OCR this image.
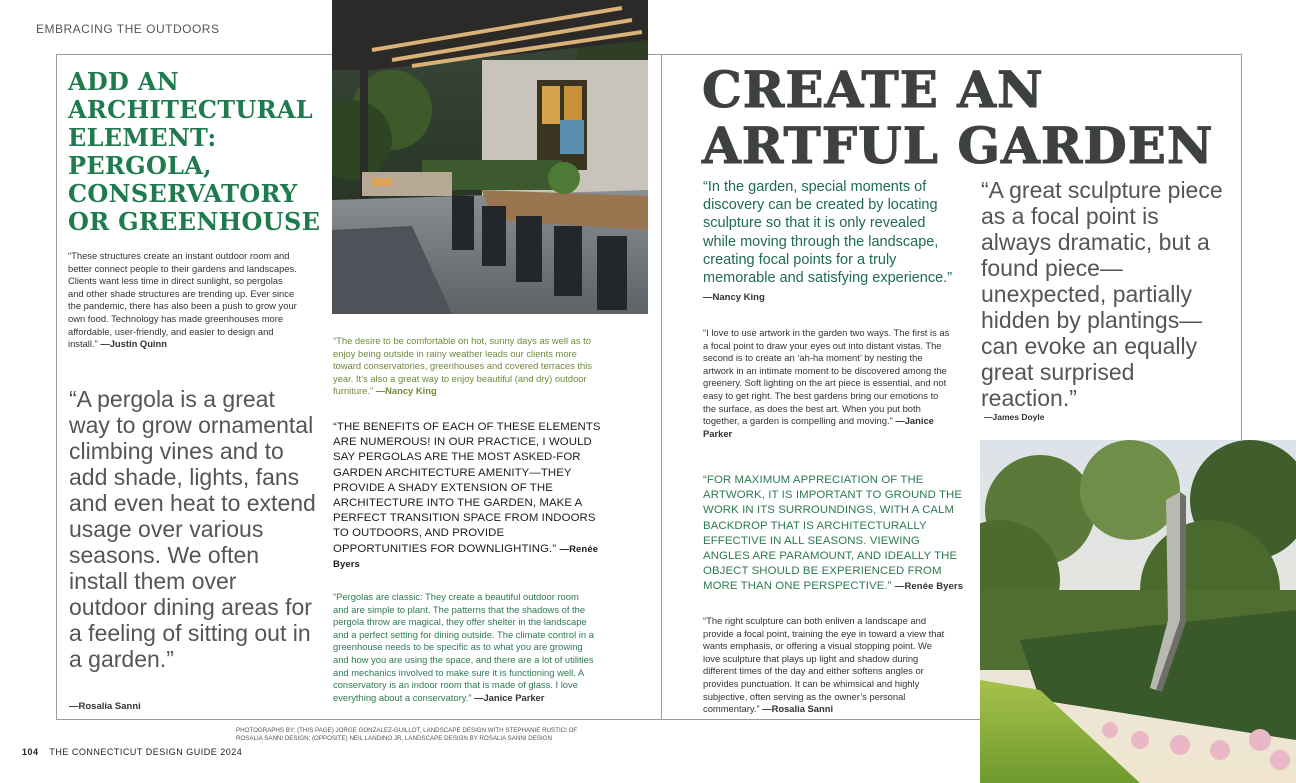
EMBRACING THE OUTDOORS
ADD AN
ARCHITECTURAL
ELEMENT:
PERGOLA,
CONSERVATORY
OR GREENHOUSE
“These structures create an instant outdoor room and better connect people to their gardens and landscapes. Clients want less time in direct sunlight, so pergolas and other shade structures are trending up. Ever since the pandemic, there has also been a push to grow your own food. Technology has made greenhouses more affordable, user-friendly, and easier to design and install.” —Justin Quinn
“A pergola is a great way to grow ornamental climbing vines and to add shade, lights, fans and even heat to extend usage over various seasons. We often install them over outdoor dining areas for a feeling of sitting out in a garden.”
—Rosalia Sanni
“The desire to be comfortable on hot, sunny days as well as to enjoy being outside in rainy weather leads our clients more toward conservatories, greenhouses and covered terraces this year. It’s also a great way to enjoy beautiful (and dry) outdoor furniture.” —Nancy King
“THE BENEFITS OF EACH OF THESE ELEMENTS ARE NUMEROUS! IN OUR PRACTICE, I WOULD SAY PERGOLAS ARE THE MOST ASKED-FOR GARDEN ARCHITECTURE AMENITY—THEY PROVIDE A SHADY EXTENSION OF THE ARCHITECTURE INTO THE GARDEN, MAKE A PERFECT TRANSITION SPACE FROM INDOORS TO OUTDOORS, AND PROVIDE OPPORTUNITIES FOR DOWNLIGHTING.” —Renée Byers
“Pergolas are classic: They create a beautiful outdoor room and are simple to plant. The patterns that the shadows of the pergola throw are magical, they offer shelter in the landscape and a perfect setting for dining outside. The climate control in a greenhouse needs to be specific as to what you are growing and how you are using the space, and there are a lot of utilities and mechanics involved to make sure it is functioning well. A conservatory is an indoor room that is made of glass. I love everything about a conservatory.” —Janice Parker
CREATE AN
ARTFUL GARDEN
“In the garden, special moments of discovery can be created by locating sculpture so that it is only revealed while moving through the landscape, creating focal points for a truly memorable and satisfying experience.” —Nancy King
“I love to use artwork in the garden two ways. The first is as a focal point to draw your eyes out into distant vistas. The second is to create an ‘ah-ha moment’ by nesting the artwork in an intimate moment to be discovered among the greenery. Soft lighting on the art piece is essential, and not easy to get right. The best gardens bring our emotions to the surface, as does the best art. When you put both together, a garden is compelling and moving.” —Janice Parker
“FOR MAXIMUM APPRECIATION OF THE ARTWORK, IT IS IMPORTANT TO GROUND THE WORK IN ITS SURROUNDINGS, WITH A CALM BACKDROP THAT IS ARCHITECTURALLY EFFECTIVE IN ALL SEASONS. VIEWING ANGLES ARE PARAMOUNT, AND IDEALLY THE OBJECT SHOULD BE EXPERIENCED FROM MORE THAN ONE PERSPECTIVE.” —Renée Byers
“The right sculpture can both enliven a landscape and provide a focal point, training the eye in toward a view that wants emphasis, or offering a visual stopping point. We love sculpture that plays up light and shadow during different times of the day and either softens angles or provides punctuation. It can be whimsical and highly subjective, often serving as the owner’s personal commentary.” —Rosalia Sanni
“A great sculpture piece as a focal point is always dramatic, but a found piece—unexpected, partially hidden by plantings—can evoke an equally great surprised reaction.”
—James Doyle
PHOTOGRAPHS BY: (THIS PAGE) JORGE GONZALEZ-GUILLOT, LANDSCAPE DESIGN WITH STEPHANIE RUSTICI OF ROSALIA SANNI DESIGN; (OPPOSITE) NEIL LANDINO JR, LANDSCAPE DESIGN BY ROSALIA SANNI DESIGN
104 THE CONNECTICUT DESIGN GUIDE 2024
